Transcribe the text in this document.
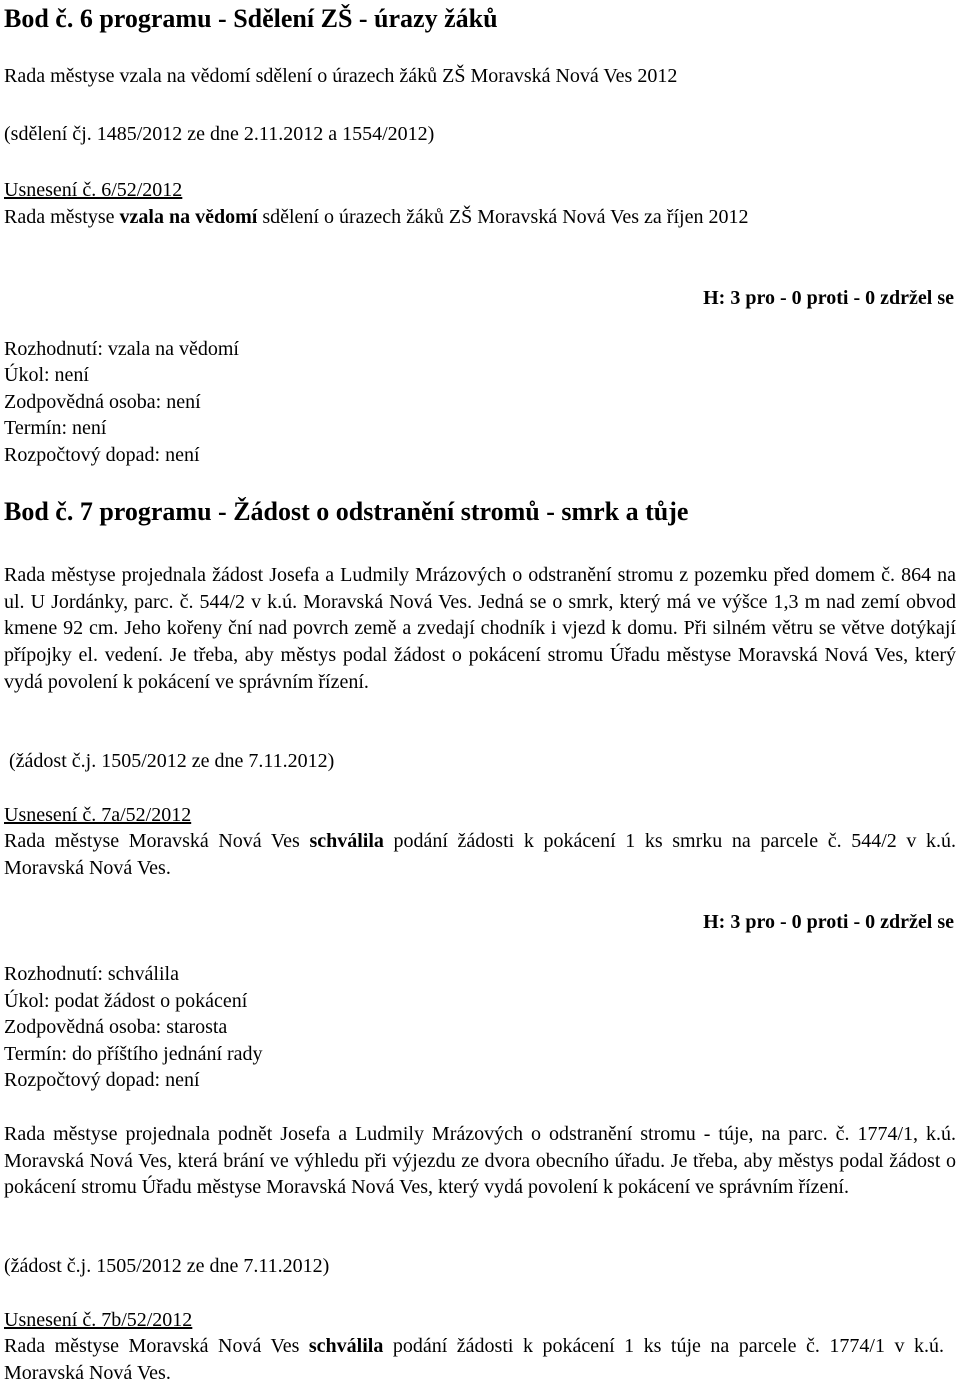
Bod č. 6 programu - Sdělení ZŠ - úrazy žáků
Rada městyse vzala na vědomí sdělení o úrazech žáků ZŠ Moravská Nová Ves 2012
(sdělení čj. 1485/2012 ze dne 2.11.2012 a 1554/2012)
Usnesení č. 6/52/2012
Rada městyse vzala na vědomí sdělení o úrazech žáků ZŠ Moravská Nová Ves za říjen 2012
H: 3 pro - 0 proti - 0 zdržel se
Rozhodnutí: vzala na vědomí
Úkol: není
Zodpovědná osoba: není
Termín: není
Rozpočtový dopad: není
Bod č. 7 programu - Žádost o odstranění stromů - smrk a tůje
Rada městyse projednala žádost Josefa a Ludmily Mrázových o odstranění stromu z pozemku před domem č. 864 na ul. U Jordánky, parc. č. 544/2 v k.ú. Moravská Nová Ves. Jedná se o smrk, který má ve výšce 1,3 m nad zemí obvod kmene 92 cm. Jeho kořeny ční nad povrch země a zvedají chodník i vjezd k domu. Při silném větru se větve dotýkají přípojky el. vedení. Je třeba, aby městys podal žádost o pokácení stromu Úřadu městyse Moravská Nová Ves, který vydá povolení k pokácení ve správním řízení.
(žádost č.j. 1505/2012 ze dne 7.11.2012)
Usnesení č. 7a/52/2012
Rada městyse Moravská Nová Ves schválila podání žádosti k pokácení 1 ks smrku na parcele č. 544/2 v k.ú. Moravská Nová Ves.
H: 3 pro - 0 proti - 0 zdržel se
Rozhodnutí: schválila
Úkol: podat žádost o pokácení
Zodpovědná osoba: starosta
Termín: do příštího jednání rady
Rozpočtový dopad: není
Rada městyse projednala podnět Josefa a Ludmily Mrázových o odstranění stromu - túje, na parc. č. 1774/1, k.ú. Moravská Nová Ves, která brání ve výhledu při výjezdu ze dvora obecního úřadu. Je třeba, aby městys podal žádost o pokácení stromu Úřadu městyse Moravská Nová Ves, který vydá povolení k pokácení ve správním řízení.
(žádost č.j. 1505/2012 ze dne 7.11.2012)
Usnesení č. 7b/52/2012
Rada městyse Moravská Nová Ves schválila podání žádosti k pokácení 1 ks túje na parcele č. 1774/1 v k.ú. Moravská Nová Ves.
